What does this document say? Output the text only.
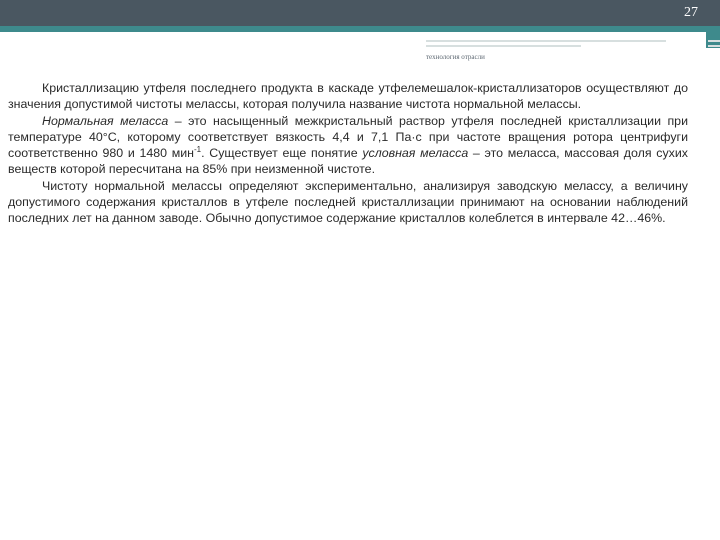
27
технология отрасли

Кристаллизацию утфеля последнего продукта в каскаде утфелемешалок-кристаллизаторов осуществляют до значения допустимой чистоты мелассы, которая получила название чистота нормальной мелассы.

Нормальная меласса – это насыщенный межкристальный раствор утфеля последней кристаллизации при температуре 40°С, которому соответствует вязкость 4,4 и 7,1 Па·с при частоте вращения ротора центрифуги соответственно 980 и 1480 мин$^{-1}$. Существует еще понятие условная меласса – это меласса, массовая доля сухих веществ которой пересчитана на 85% при неизменной чистоте.

Чистоту нормальной мелассы определяют экспериментально, анализируя заводскую мелассу, а величину допустимого содержания кристаллов в утфеле последней кристаллизации принимают на основании наблюдений последних лет на данном заводе. Обычно допустимое содержание кристаллов колеблется в интервале 42…46%.
